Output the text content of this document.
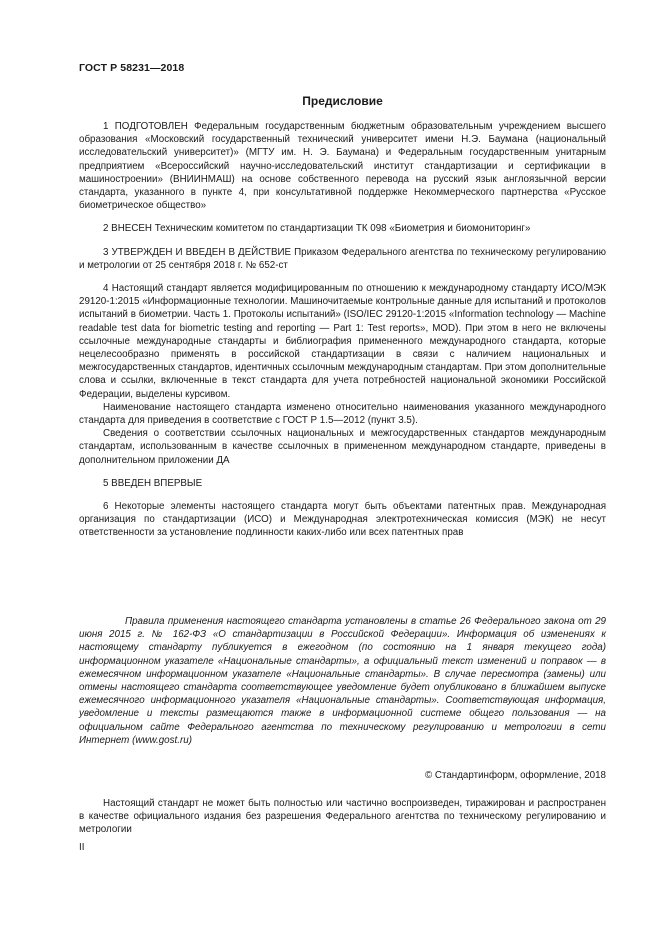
ГОСТ Р 58231—2018
Предисловие

1 ПОДГОТОВЛЕН Федеральным государственным бюджетным образовательным учреждением высшего образования «Московский государственный технический университет имени Н.Э. Баумана (национальный исследовательский университет)» (МГТУ им. Н. Э. Баумана) и Федеральным государственным унитарным предприятием «Всероссийский научно-исследовательский институт стандартизации и сертификации в машиностроении» (ВНИИНМАШ) на основе собственного перевода на русский язык англоязычной версии стандарта, указанного в пункте 4, при консультативной поддержке Некоммерческого партнерства «Русское биометрическое общество»

2 ВНЕСЕН Техническим комитетом по стандартизации ТК 098 «Биометрия и биомониторинг»

3 УТВЕРЖДЕН И ВВЕДЕН В ДЕЙСТВИЕ Приказом Федерального агентства по техническому регулированию и метрологии от 25 сентября 2018 г. № 652-ст

4 Настоящий стандарт является модифицированным по отношению к международному стандарту ИСО/МЭК 29120-1:2015 «Информационные технологии. Машиночитаемые контрольные данные для испытаний и протоколов испытаний в биометрии. Часть 1. Протоколы испытаний» (ISO/IEC 29120-1:2015 «Information technology — Machine readable test data for biometric testing and reporting — Part 1: Test reports», MOD). При этом в него не включены ссылочные международные стандарты и библиография примененного международного стандарта, которые нецелесообразно применять в российской стандартизации в связи с наличием национальных и межгосударственных стандартов, идентичных ссылочным международным стандартам. При этом дополнительные слова и ссылки, включенные в текст стандарта для учета потребностей национальной экономики Российской Федерации, выделены курсивом.

Наименование настоящего стандарта изменено относительно наименования указанного международного стандарта для приведения в соответствие с ГОСТ Р 1.5—2012 (пункт 3.5).

Сведения о соответствии ссылочных национальных и межгосударственных стандартов международным стандартам, использованным в качестве ссылочных в примененном международном стандарте, приведены в дополнительном приложении ДА

5 ВВЕДЕН ВПЕРВЫЕ

6 Некоторые элементы настоящего стандарта могут быть объектами патентных прав. Международная организация по стандартизации (ИСО) и Международная электротехническая комиссия (МЭК) не несут ответственности за установление подлинности каких-либо или всех патентных прав

Правила применения настоящего стандарта установлены в статье 26 Федерального закона от 29 июня 2015 г. № 162-ФЗ «О стандартизации в Российской Федерации». Информация об изменениях к настоящему стандарту публикуется в ежегодном (по состоянию на 1 января текущего года) информационном указателе «Национальные стандарты», а официальный текст изменений и поправок — в ежемесячном информационном указателе «Национальные стандарты». В случае пересмотра (замены) или отмены настоящего стандарта соответствующее уведомление будет опубликовано в ближайшем выпуске ежемесячного информационного указателя «Национальные стандарты». Соответствующая информация, уведомление и тексты размещаются также в информационной системе общего пользования — на официальном сайте Федерального агентства по техническому регулированию и метрологии в сети Интернет (www.gost.ru)

© Стандартинформ, оформление, 2018

Настоящий стандарт не может быть полностью или частично воспроизведен, тиражирован и распространен в качестве официального издания без разрешения Федерального агентства по техническому регулированию и метрологии

II
